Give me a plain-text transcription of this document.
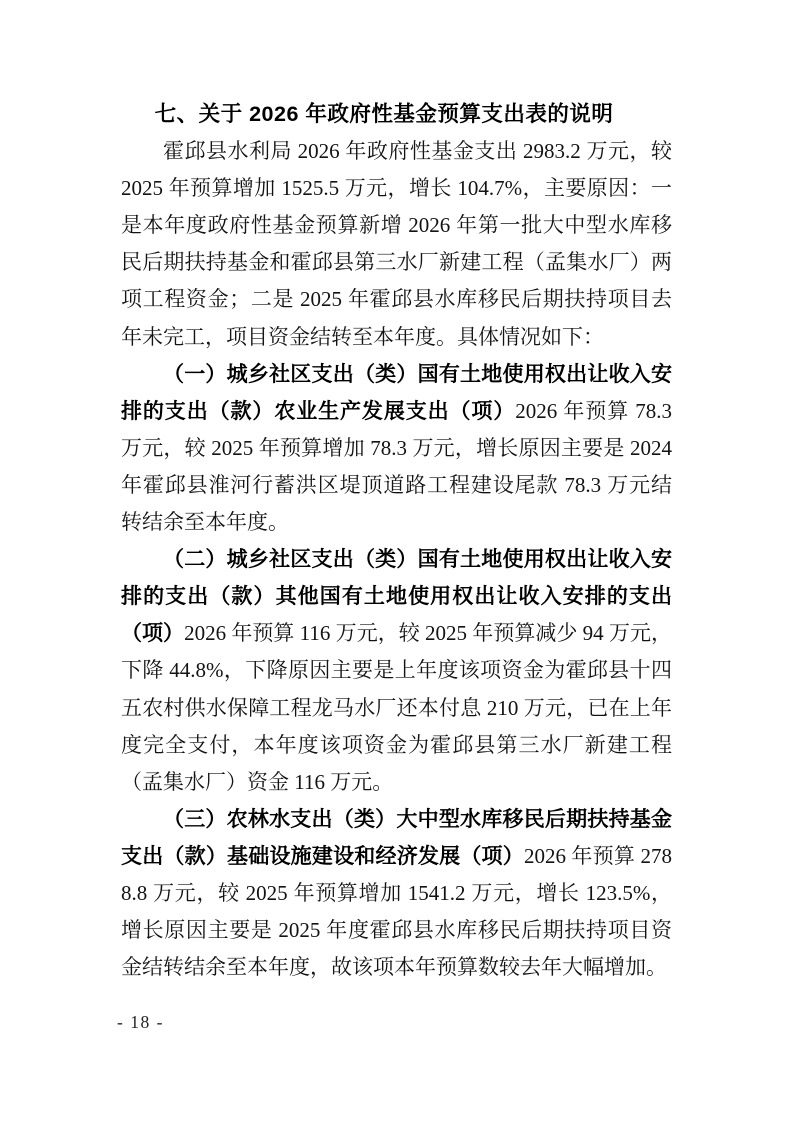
七、关于 2026 年政府性基金预算支出表的说明

霍邱县水利局 2026 年政府性基金支出 2983.2 万元，较 2025 年预算增加 1525.5 万元，增长 104.7%，主要原因：一是本年度政府性基金预算新增 2026 年第一批大中型水库移民后期扶持基金和霍邱县第三水厂新建工程（孟集水厂）两项工程资金；二是 2025 年霍邱县水库移民后期扶持项目去年未完工，项目资金结转至本年度。具体情况如下：

（一）城乡社区支出（类）国有土地使用权出让收入安排的支出（款）农业生产发展支出（项）2026 年预算 78.3 万元，较 2025 年预算增加 78.3 万元，增长原因主要是 2024 年霍邱县淮河行蓄洪区堤顶道路工程建设尾款 78.3 万元结转结余至本年度。

（二）城乡社区支出（类）国有土地使用权出让收入安排的支出（款）其他国有土地使用权出让收入安排的支出（项）2026 年预算 116 万元，较 2025 年预算减少 94 万元，下降 44.8%，下降原因主要是上年度该项资金为霍邱县十四五农村供水保障工程龙马水厂还本付息 210 万元，已在上年度完全支付，本年度该项资金为霍邱县第三水厂新建工程（孟集水厂）资金 116 万元。

（三）农林水支出（类）大中型水库移民后期扶持基金支出（款）基础设施建设和经济发展（项）2026 年预算 2788.8 万元，较 2025 年预算增加 1541.2 万元，增长 123.5%，增长原因主要是 2025 年度霍邱县水库移民后期扶持项目资金结转结余至本年度，故该项本年预算数较去年大幅增加。

- 18 -
